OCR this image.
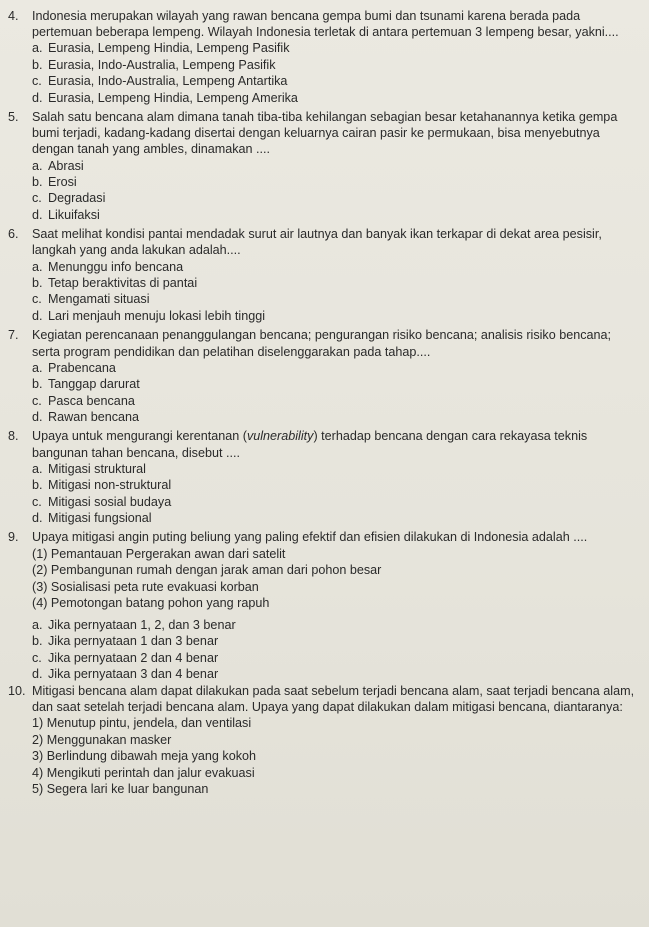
4.	Indonesia merupakan wilayah yang rawan bencana gempa bumi dan tsunami karena berada pada pertemuan beberapa lempeng. Wilayah Indonesia terletak di antara pertemuan 3 lempeng besar, yakni....
a. Eurasia, Lempeng Hindia, Lempeng Pasifik
b. Eurasia, Indo-Australia, Lempeng Pasifik
c. Eurasia, Indo-Australia, Lempeng Antartika
d. Eurasia, Lempeng Hindia, Lempeng Amerika
5.	Salah satu bencana alam dimana tanah tiba-tiba kehilangan sebagian besar ketahanannya ketika gempa bumi terjadi, kadang-kadang disertai dengan keluarnya cairan pasir ke permukaan, bisa menyebutnya dengan tanah yang ambles, dinamakan ....
a. Abrasi
b. Erosi
c. Degradasi
d. Likuifaksi
6.	Saat melihat kondisi pantai mendadak surut air lautnya dan banyak ikan terkapar di dekat area pesisir, langkah yang anda lakukan adalah....
a. Menunggu info bencana
b. Tetap beraktivitas di pantai
c. Mengamati situasi
d. Lari menjauh menuju lokasi lebih tinggi
7.	Kegiatan perencanaan penanggulangan bencana; pengurangan risiko bencana; analisis risiko bencana; serta program pendidikan dan pelatihan diselenggarakan pada tahap....
a. Prabencana
b. Tanggap darurat
c. Pasca bencana
d. Rawan bencana
8.	Upaya untuk mengurangi kerentanan (vulnerability) terhadap bencana dengan cara rekayasa teknis bangunan tahan bencana, disebut ....
a. Mitigasi struktural
b. Mitigasi non-struktural
c. Mitigasi sosial budaya
d. Mitigasi fungsional
9.	Upaya mitigasi angin puting beliung yang paling efektif dan efisien dilakukan di Indonesia adalah ....
(1) Pemantauan Pergerakan awan dari satelit
(2) Pembangunan rumah dengan jarak aman dari pohon besar
(3) Sosialisasi peta rute evakuasi korban
(4) Pemotongan batang pohon yang rapuh
a. Jika pernyataan 1, 2, dan 3 benar
b. Jika pernyataan 1 dan 3 benar
c. Jika pernyataan 2 dan 4 benar
d. Jika pernyataan 3 dan 4 benar
10. Mitigasi bencana alam dapat dilakukan pada saat sebelum terjadi bencana alam, saat terjadi bencana alam, dan saat setelah terjadi bencana alam. Upaya yang dapat dilakukan dalam mitigasi bencana, diantaranya:
1) Menutup pintu, jendela, dan ventilasi
2) Menggunakan masker
3) Berlindung dibawah meja yang kokoh
4) Mengikuti perintah dan jalur evakuasi
5) Segera lari ke luar bangunan
